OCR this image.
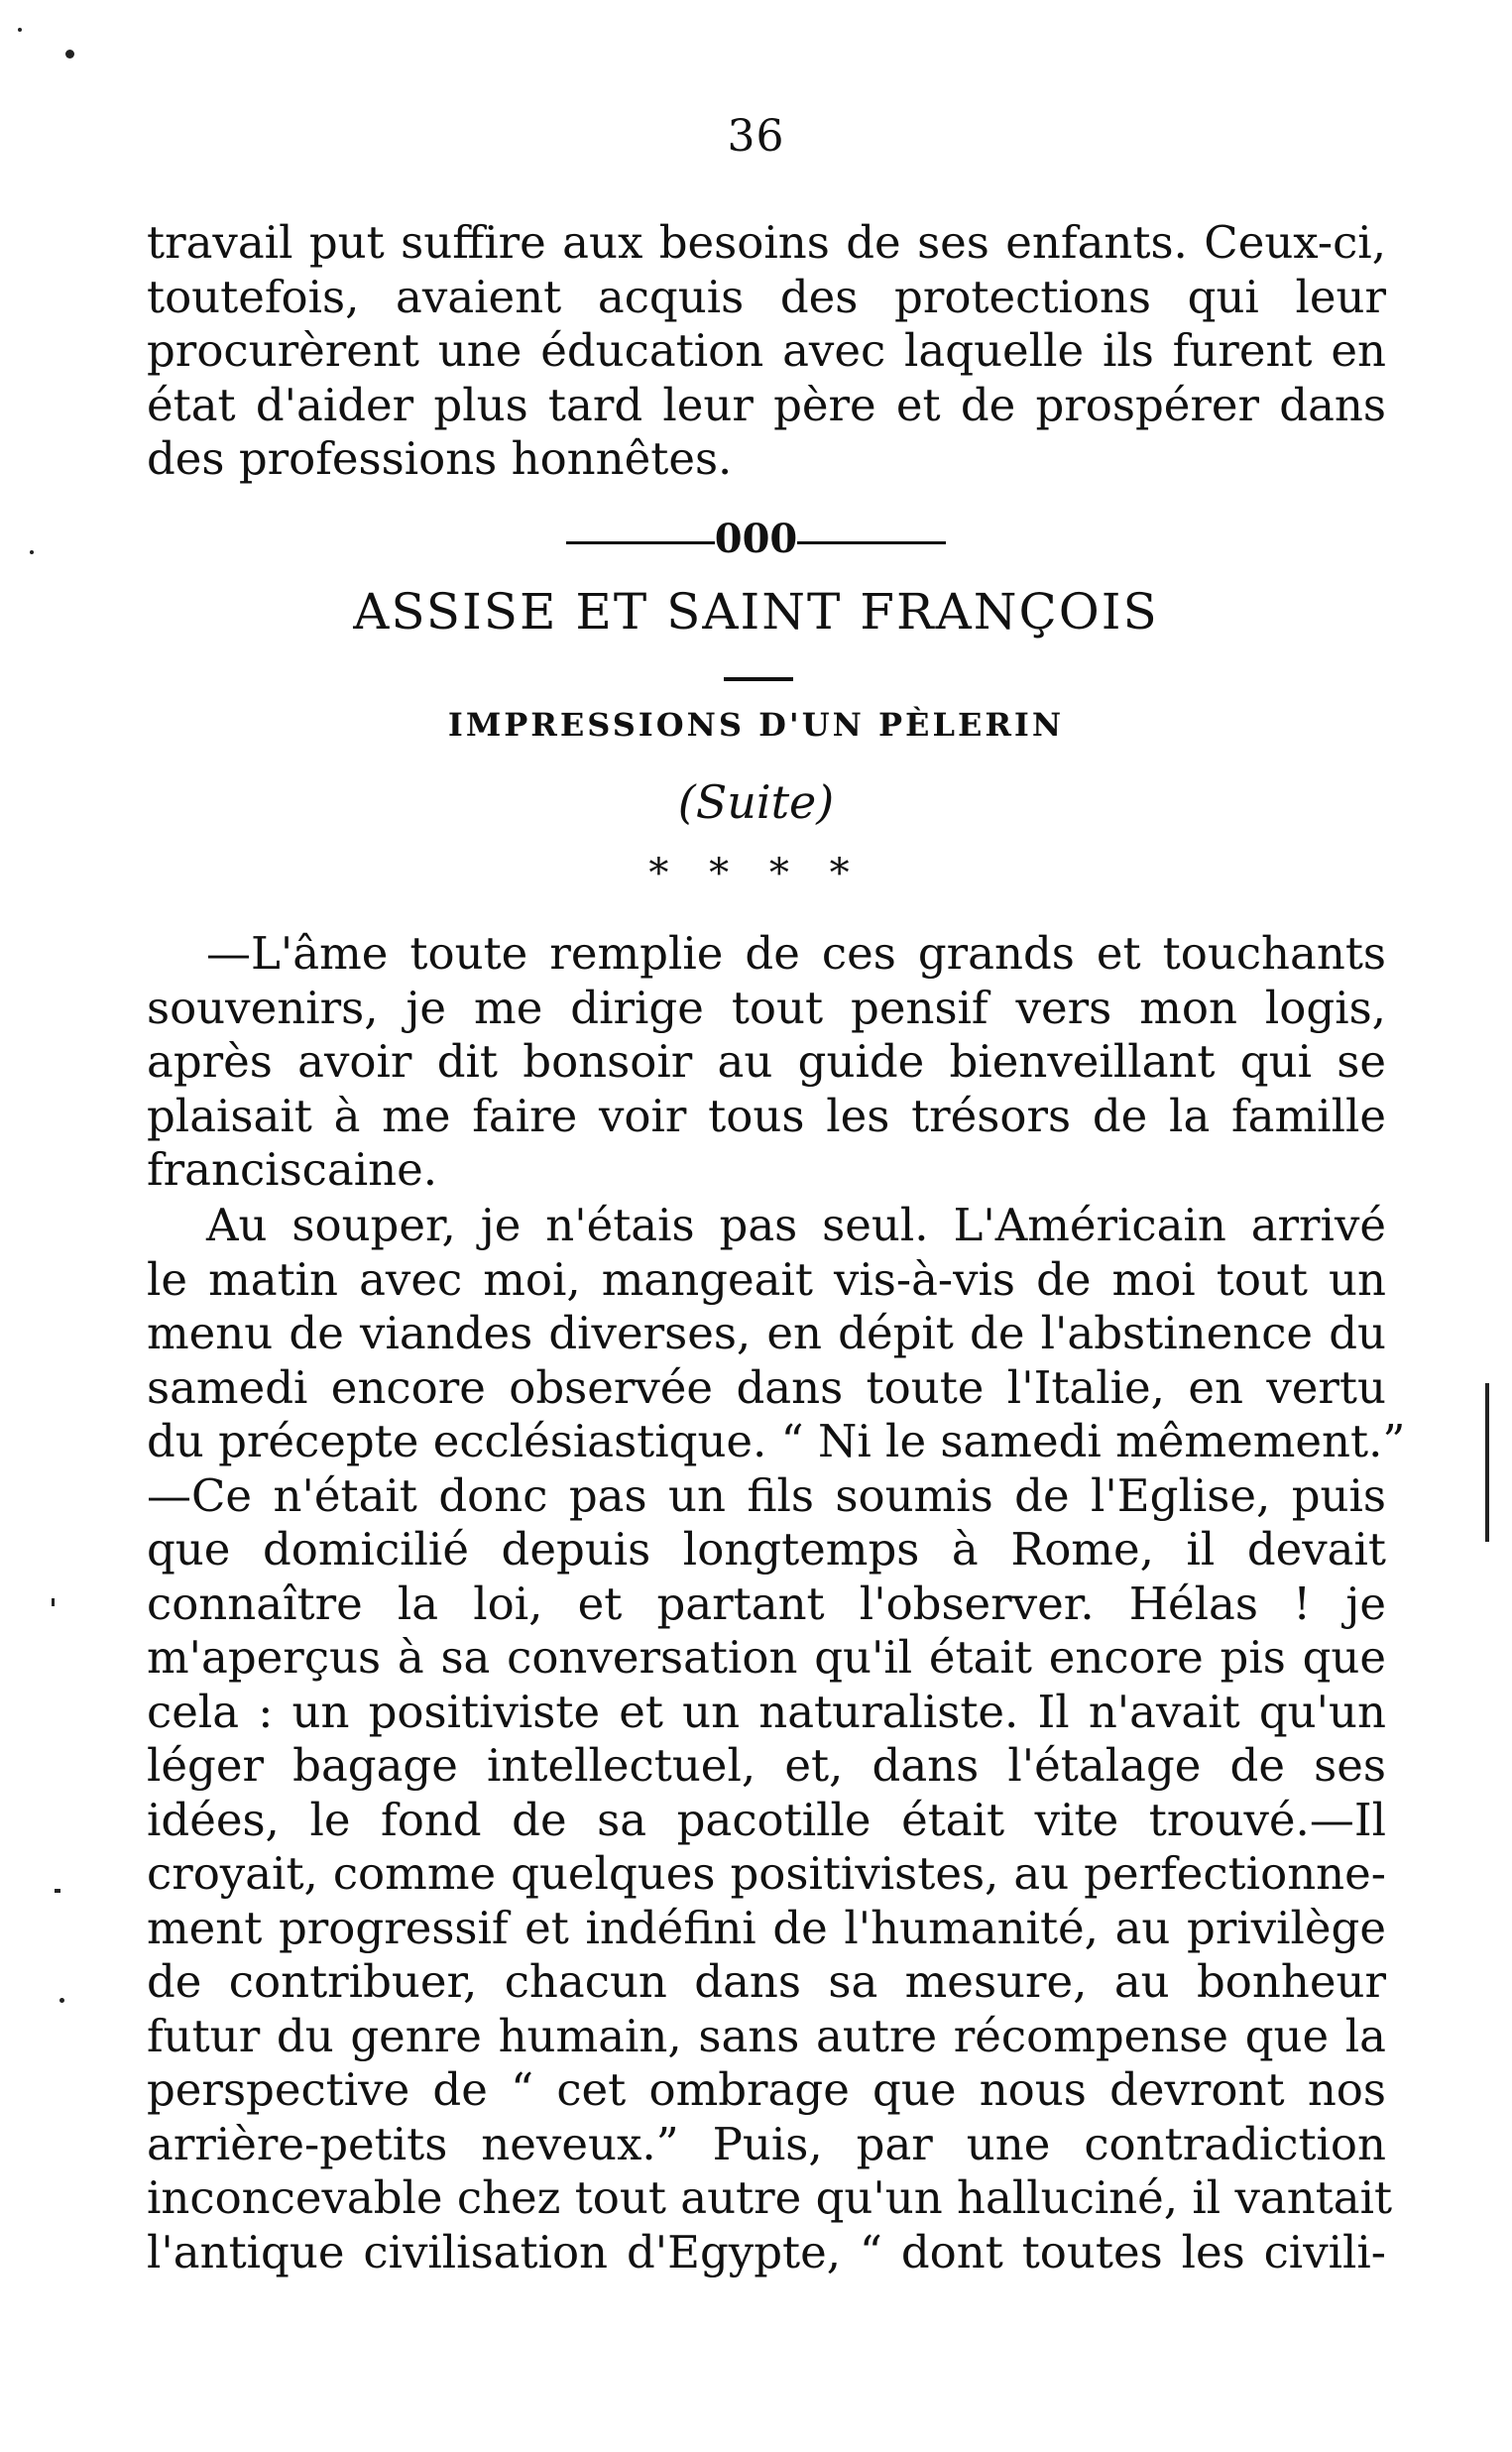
36
travail put suffire aux besoins de ses enfants. Ceux-ci,
toutefois, avaient acquis des protections qui leur
procurèrent une éducation avec laquelle ils furent en
état d'aider plus tard leur père et de prospérer dans
des professions honnêtes.
000
ASSISE ET SAINT FRANÇOIS
IMPRESSIONS D'UN PÈLERIN
(Suite)
* * * *
—L'âme toute remplie de ces grands et touchants
souvenirs, je me dirige tout pensif vers mon logis,
après avoir dit bonsoir au guide bienveillant qui se
plaisait à me faire voir tous les trésors de la famille
franciscaine.
Au souper, je n'étais pas seul. L'Américain arrivé
le matin avec moi, mangeait vis-à-vis de moi tout un
menu de viandes diverses, en dépit de l'abstinence du
samedi encore observée dans toute l'Italie, en vertu
du précepte ecclésiastique. “ Ni le samedi mêmement.”
—Ce n'était donc pas un fils soumis de l'Eglise, puis
que domicilié depuis longtemps à Rome, il devait
connaître la loi, et partant l'observer. Hélas ! je
m'aperçus à sa conversation qu'il était encore pis que
cela : un positiviste et un naturaliste. Il n'avait qu'un
léger bagage intellectuel, et, dans l'étalage de ses
idées, le fond de sa pacotille était vite trouvé.—Il
croyait, comme quelques positivistes, au perfectionne-
ment progressif et indéfini de l'humanité, au privilège
de contribuer, chacun dans sa mesure, au bonheur
futur du genre humain, sans autre récompense que la
perspective de “ cet ombrage que nous devront nos
arrière-petits neveux.” Puis, par une contradiction
inconcevable chez tout autre qu'un halluciné, il vantait
l'antique civilisation d'Egypte, “ dont toutes les civili-
